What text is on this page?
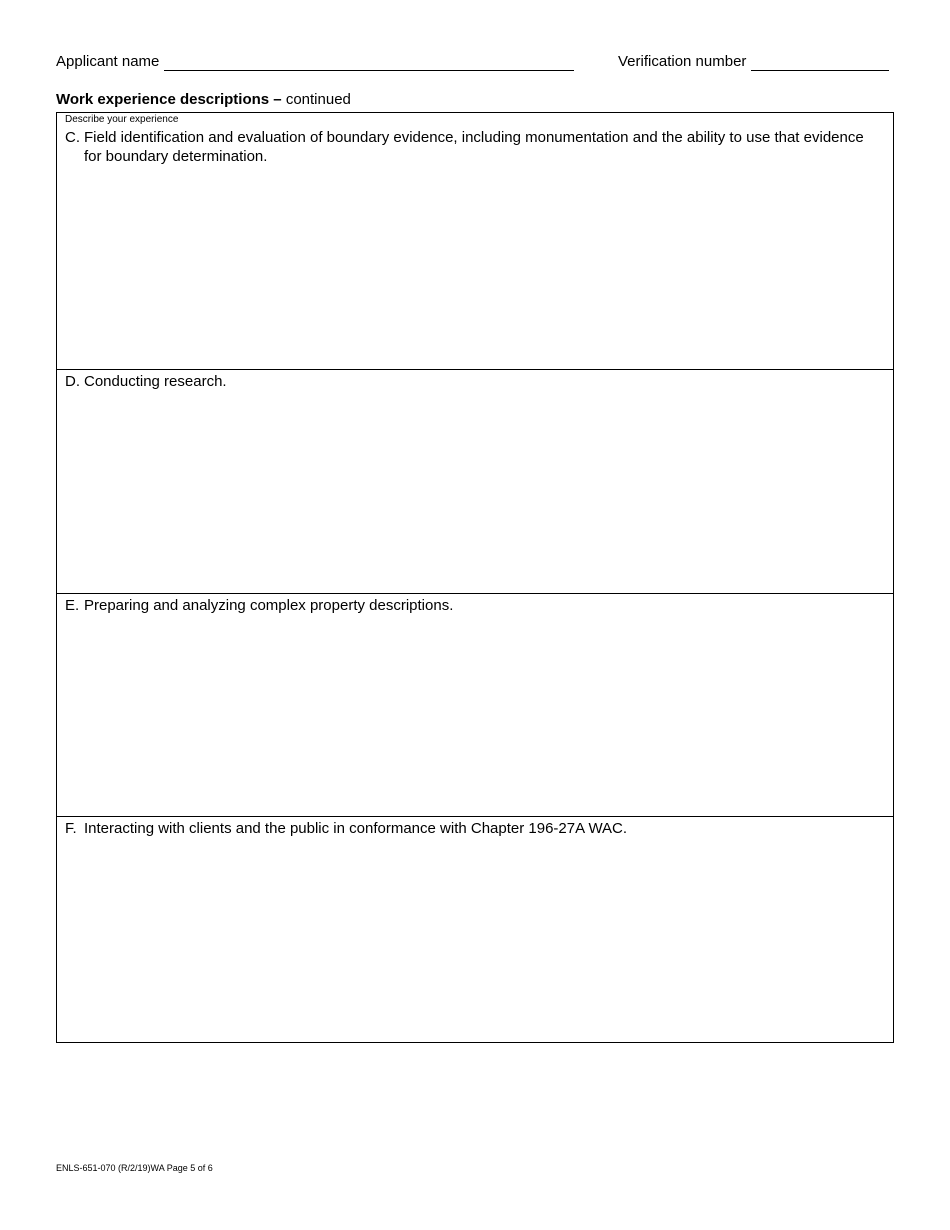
Applicant name	Verification number
Work experience descriptions – continued
Describe your experience
C. Field identification and evaluation of boundary evidence, including monumentation and the ability to use that evidence for boundary determination.
D. Conducting research.
E. Preparing and analyzing complex property descriptions.
F. Interacting with clients and the public in conformance with Chapter 196-27A WAC.
ENLS-651-070 (R/2/19)WA Page 5 of 6
